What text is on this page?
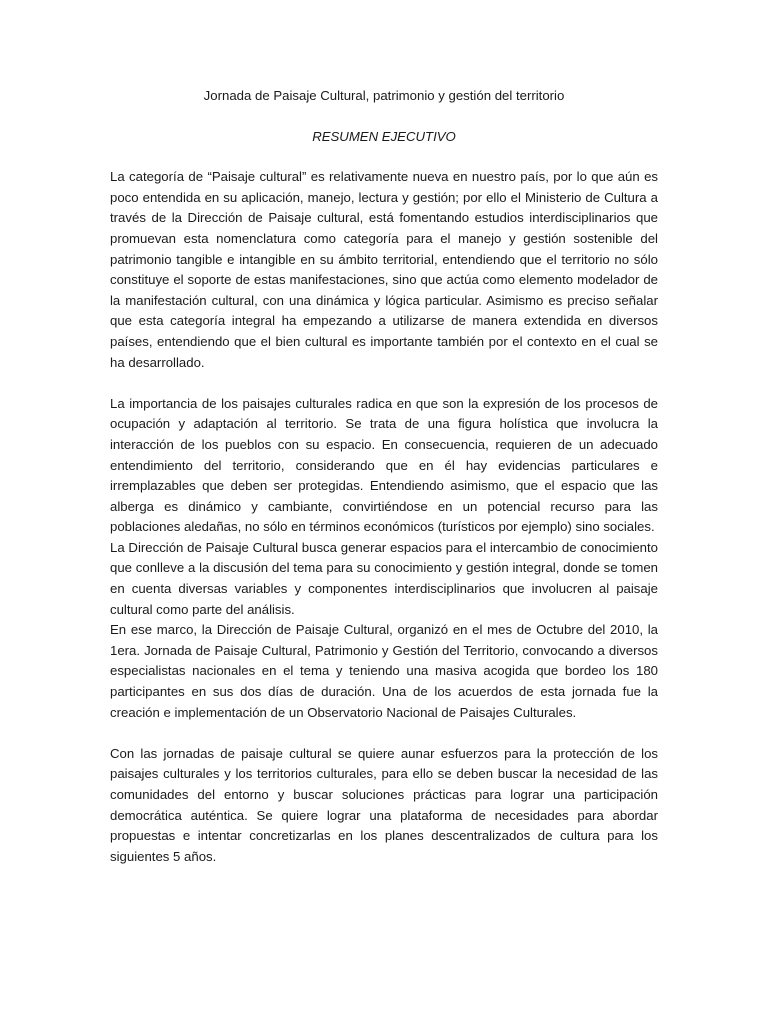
Jornada de Paisaje Cultural, patrimonio y gestión del territorio

RESUMEN EJECUTIVO

La categoría de “Paisaje cultural” es relativamente nueva en nuestro país, por lo que aún es poco entendida en su aplicación, manejo, lectura y gestión; por ello el Ministerio de Cultura a través de la Dirección de Paisaje cultural, está fomentando estudios interdisciplinarios que promuevan esta nomenclatura como categoría para el manejo y gestión sostenible del patrimonio tangible e intangible en su ámbito territorial, entendiendo que el territorio no sólo constituye el soporte de estas manifestaciones, sino que actúa como elemento modelador de la manifestación cultural, con una dinámica y lógica particular. Asimismo es preciso señalar que esta categoría integral ha empezando a utilizarse de manera extendida en diversos países, entendiendo que el bien cultural es importante también por el contexto en el cual se ha desarrollado.

La importancia de los paisajes culturales radica en que son la expresión de los procesos de ocupación y adaptación al territorio. Se trata de una figura holística que involucra la interacción de los pueblos con su espacio. En consecuencia, requieren de un adecuado entendimiento del territorio, considerando que en él hay evidencias particulares e irremplazables que deben ser protegidas. Entendiendo asimismo, que el espacio que las alberga es dinámico y cambiante, convirtiéndose en un potencial recurso para las poblaciones aledañas, no sólo en términos económicos (turísticos por ejemplo) sino sociales.

La Dirección de Paisaje Cultural busca generar espacios para el intercambio de conocimiento que conlleve a la discusión del tema para su conocimiento y gestión integral, donde se tomen en cuenta diversas variables y componentes interdisciplinarios que involucren al paisaje cultural como parte del análisis.

En ese marco, la Dirección de Paisaje Cultural, organizó en el mes de Octubre del 2010, la 1era. Jornada de Paisaje Cultural, Patrimonio y Gestión del Territorio, convocando a diversos especialistas nacionales en el tema y teniendo una masiva acogida que bordeo los 180 participantes en sus dos días de duración. Una de los acuerdos de esta jornada fue la creación e implementación de un Observatorio Nacional de Paisajes Culturales.

Con las jornadas de paisaje cultural se quiere aunar esfuerzos para la protección de los paisajes culturales y los territorios culturales, para ello se deben buscar la necesidad de las comunidades del entorno y buscar soluciones prácticas para lograr una participación democrática auténtica. Se quiere lograr una plataforma de necesidades para abordar propuestas e intentar concretizarlas en los planes descentralizados de cultura para los siguientes 5 años.
